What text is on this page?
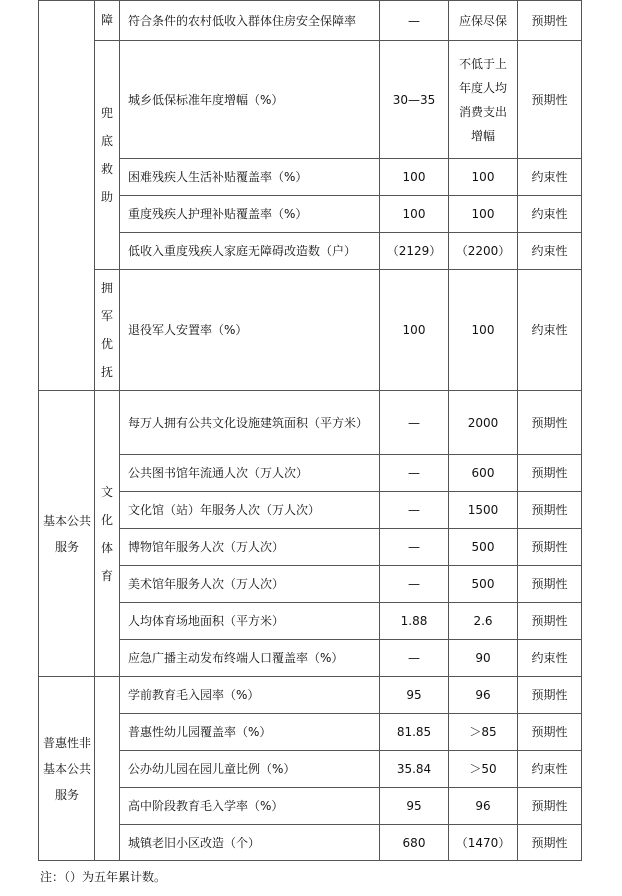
	障	符合条件的农村低收入群体住房安全保障率	—	应保尽保	预期性
	兜底救助	城乡低保标准年度增幅（%）	30—35	不低于上年度人均消费支出增幅	预期性
		困难残疾人生活补贴覆盖率（%）	100	100	约束性
		重度残疾人护理补贴覆盖率（%）	100	100	约束性
		低收入重度残疾人家庭无障碍改造数（户）	（2129）	（2200）	约束性
	拥军优抚	退役军人安置率（%）	100	100	约束性
基本公共服务	文化体育	每万人拥有公共文化设施建筑面积（平方米）	—	2000	预期性
		公共图书馆年流通人次（万人次）	—	600	预期性
		文化馆（站）年服务人次（万人次）	—	1500	预期性
		博物馆年服务人次（万人次）	—	500	预期性
		美术馆年服务人次（万人次）	—	500	预期性
		人均体育场地面积（平方米）	1.88	2.6	预期性
		应急广播主动发布终端人口覆盖率（%）	—	90	约束性
普惠性非基本公共服务		学前教育毛入园率（%）	95	96	预期性
		普惠性幼儿园覆盖率（%）	81.85	＞85	预期性
		公办幼儿园在园儿童比例（%）	35.84	＞50	约束性
		高中阶段教育毛入学率（%）	95	96	预期性
		城镇老旧小区改造（个）	680	（1470）	预期性
注：（）为五年累计数。
